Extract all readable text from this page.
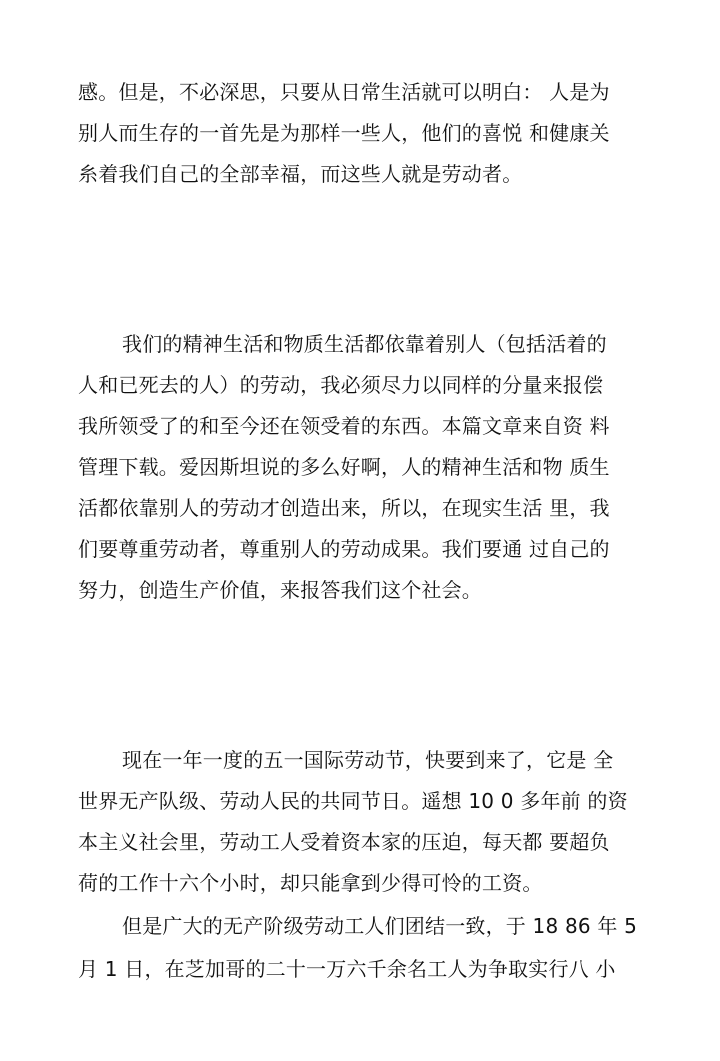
感。但是，不必深思，只要从日常生活就可以明白： 人是为
别人而生存的一首先是为那样一些人，他们的喜悦 和健康关
糸着我们自己的全部幸福，而这些人就是劳动者。
我们的精神生活和物质生活都依靠着别人（包括活着的
人和已死去的人）的劳动，我必须尽力以同样的分量来报偿
我所领受了的和至今还在领受着的东西。本篇文章来自资 料
管理下载。爱因斯坦说的多么好啊，人的精神生活和物 质生
活都依靠别人的劳动才创造出来，所以，在现实生活 里，我
们要尊重劳动者，尊重别人的劳动成果。我们要通 过自己的
努力，创造生产价值，来报答我们这个社会。
现在一年一度的五一国际劳动节，快要到来了，它是 全
世界无产队级、劳动人民的共同节日。遥想 10 0 多年前 的资
本主义社会里，劳动工人受着资本家的压迫，每天都 要超负
荷的工作十六个小时，却只能拿到少得可怜的工资。
但是广大的无产阶级劳动工人们团结一致，于 18 86 年 5
月 1 日，在芝加哥的二十一万六千余名工人为争取实行八 小
